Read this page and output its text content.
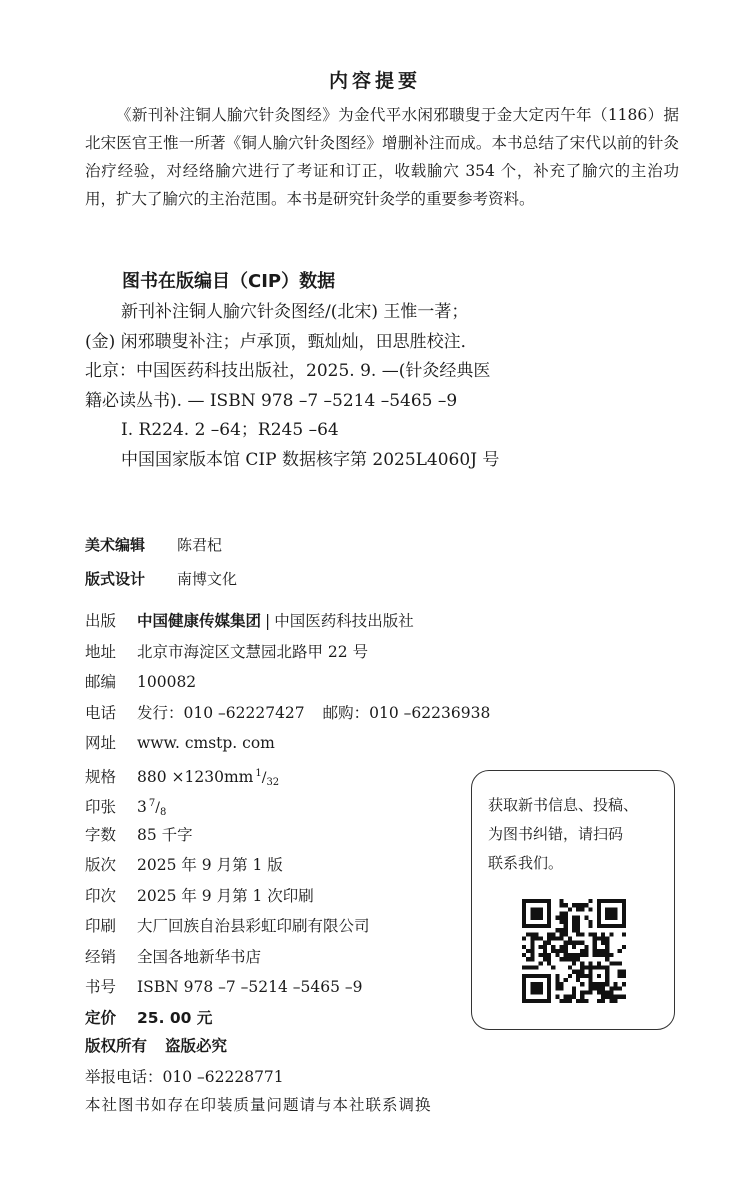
内容提要

《新刊补注铜人腧穴针灸图经》为金代平水闲邪聩叟于金大定丙午年（1186）据北宋医官王惟一所著《铜人腧穴针灸图经》增删补注而成。本书总结了宋代以前的针灸治疗经验，对经络腧穴进行了考证和订正，收载腧穴 354 个，补充了腧穴的主治功用，扩大了腧穴的主治范围。本书是研究针灸学的重要参考资料。

图书在版编目（CIP）数据
新刊补注铜人腧穴针灸图经/(北宋) 王惟一著；
(金) 闲邪聩叟补注；卢承顶，甄灿灿，田思胜校注．
北京：中国医药科技出版社，2025. 9. —(针灸经典医
籍必读丛书). — ISBN 978 –7 –5214 –5465 –9
Ⅰ. R224. 2 –64；R245 –64
中国国家版本馆 CIP 数据核字第 2025L4060J 号
美术编辑 陈君杞
版式设计 南博文化
出版 中国健康传媒集团 | 中国医药科技出版社
地址 北京市海淀区文慧园北路甲 22 号
邮编 100082
电话 发行：010 –62227427 邮购：010 –62236938
网址 www. cmstp. com
规格 880 ×1230mm $^1/_{32}$
印张 3 $^7/_8$
字数 85 千字
版次 2025 年 9 月第 1 版
印次 2025 年 9 月第 1 次印刷
印刷 大厂回族自治县彩虹印刷有限公司
经销 全国各地新华书店
书号 ISBN 978 –7 –5214 –5465 –9
定价 25. 00 元
版权所有 盗版必究
举报电话：010 –62228771
本社图书如存在印装质量问题请与本社联系调换
获取新书信息、投稿、
为图书纠错，请扫码
联系我们。
